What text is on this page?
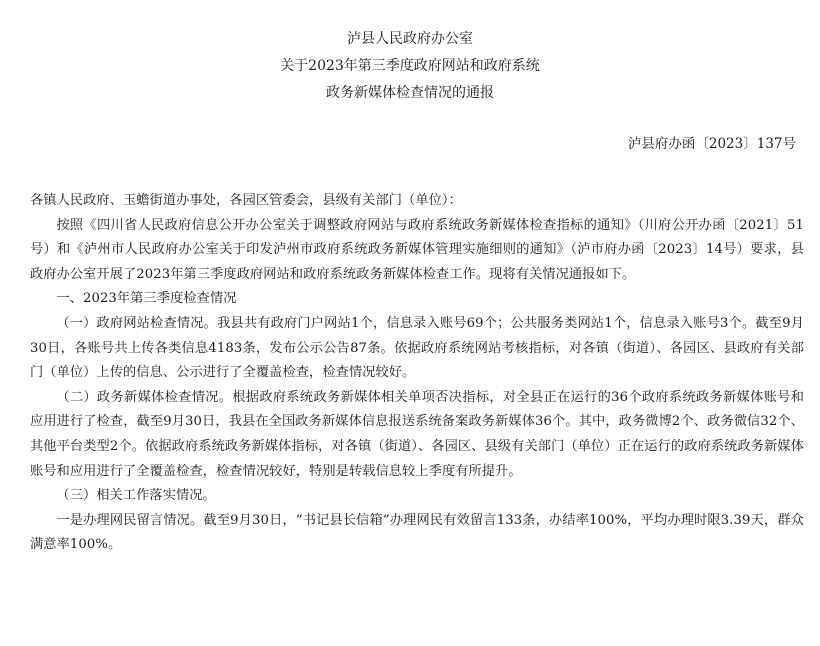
泸县人民政府办公室
关于2023年第三季度政府网站和政府系统
政务新媒体检查情况的通报
泸县府办函〔2023〕137号

各镇人民政府、玉蟾街道办事处，各园区管委会，县级有关部门（单位）：

按照《四川省人民政府信息公开办公室关于调整政府网站与政府系统政务新媒体检查指标的通知》（川府公开办函〔2021〕51号）和《泸州市人民政府办公室关于印发泸州市政府系统政务新媒体管理实施细则的通知》（泸市府办函〔2023〕14号）要求，县政府办公室开展了2023年第三季度政府网站和政府系统政务新媒体检查工作。现将有关情况通报如下。

一、2023年第三季度检查情况

（一）政府网站检查情况。我县共有政府门户网站1个，信息录入账号69个；公共服务类网站1个，信息录入账号3个。截至9月30日，各账号共上传各类信息4183条，发布公示公告87条。依据政府系统网站考核指标，对各镇（街道）、各园区、县政府有关部门（单位）上传的信息、公示进行了全覆盖检查，检查情况较好。

（二）政务新媒体检查情况。根据政府系统政务新媒体相关单项否决指标，对全县正在运行的36个政府系统政务新媒体账号和应用进行了检查，截至9月30日，我县在全国政务新媒体信息报送系统备案政务新媒体36个。其中，政务微博2个、政务微信32个、其他平台类型2个。依据政府系统政务新媒体指标，对各镇（街道）、各园区、县级有关部门（单位）正在运行的政府系统政务新媒体账号和应用进行了全覆盖检查，检查情况较好，特别是转载信息较上季度有所提升。

（三）相关工作落实情况。

一是办理网民留言情况。截至9月30日，“书记县长信箱”办理网民有效留言133条，办结率100%，平均办理时限3.39天，群众满意率100%。
